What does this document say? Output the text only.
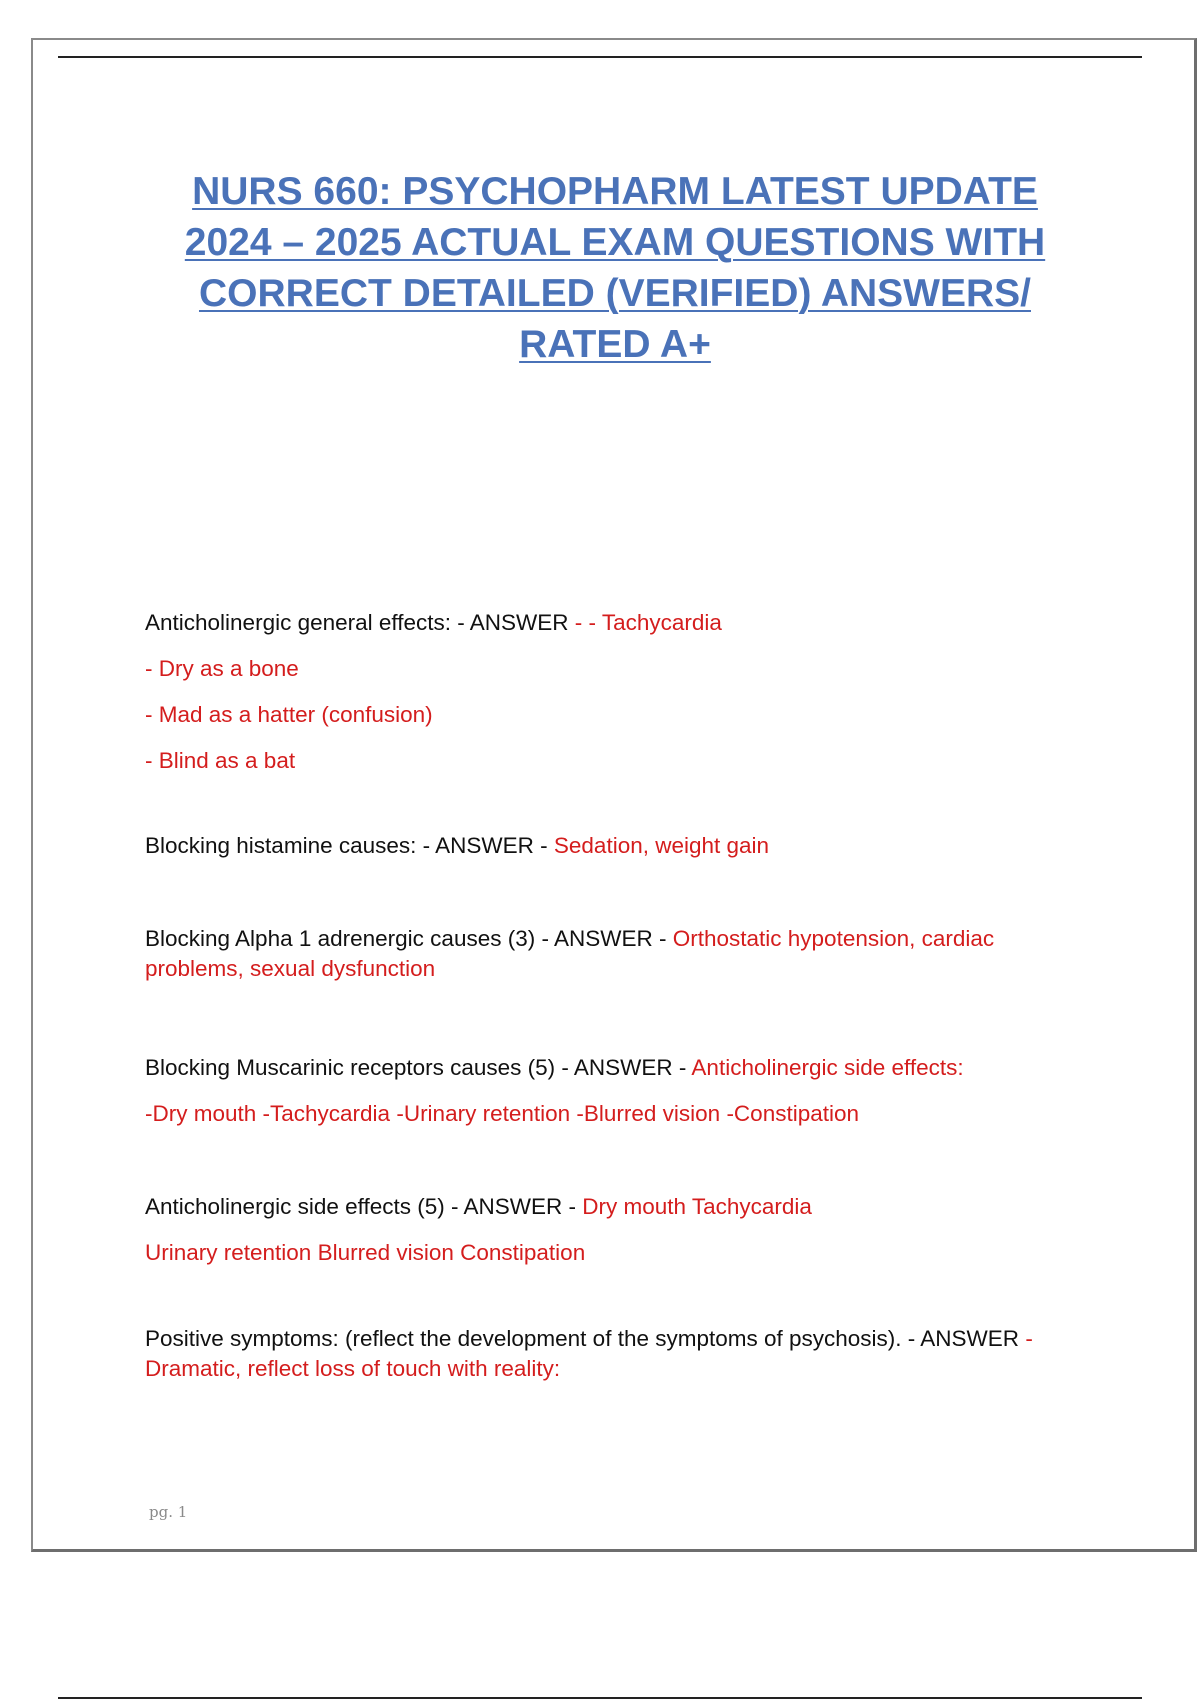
NURS 660: PSYCHOPHARM LATEST UPDATE
2024 – 2025 ACTUAL EXAM QUESTIONS WITH
CORRECT DETAILED (VERIFIED) ANSWERS/
RATED A+
Anticholinergic general effects: - ANSWER - - Tachycardia
- Dry as a bone
- Mad as a hatter (confusion)
- Blind as a bat
Blocking histamine causes: - ANSWER - Sedation, weight gain
Blocking Alpha 1 adrenergic causes (3) - ANSWER - Orthostatic hypotension, cardiac problems, sexual dysfunction
Blocking Muscarinic receptors causes (5) - ANSWER - Anticholinergic side effects:
-Dry mouth -Tachycardia -Urinary retention -Blurred vision -Constipation
Anticholinergic side effects (5) - ANSWER - Dry mouth Tachycardia
Urinary retention Blurred vision Constipation
Positive symptoms: (reflect the development of the symptoms of psychosis). - ANSWER - Dramatic, reflect loss of touch with reality:
pg. 1
